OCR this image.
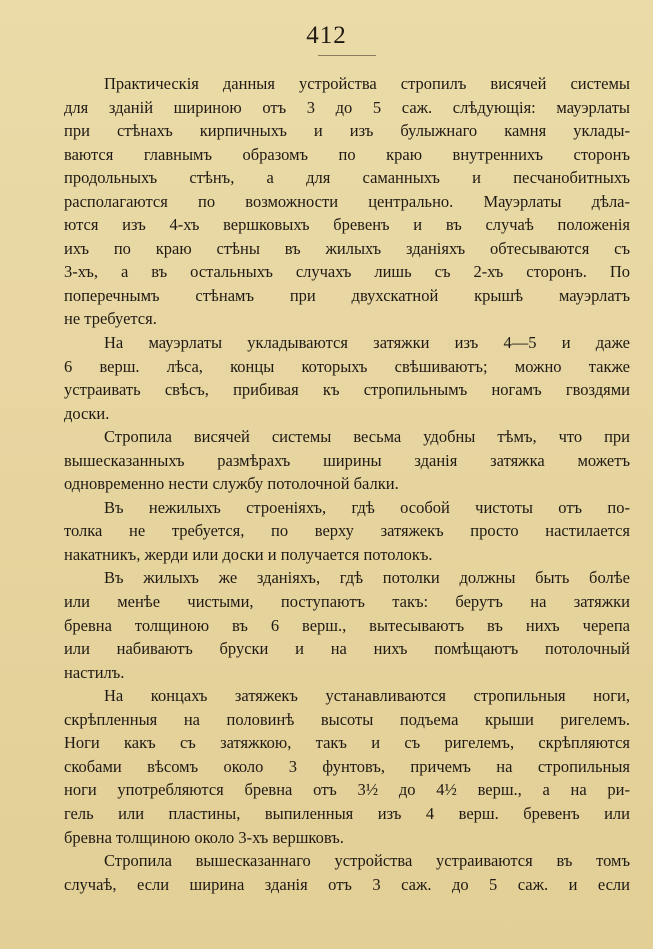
412
Практическія данныя устройства стропилъ висячей системы
для зданій шириною отъ 3 до 5 саж. слѣдующія: мауэрлаты
при стѣнахъ кирпичныхъ и изъ булыжнаго камня уклады-
ваются главнымъ образомъ по краю внутреннихъ сторонъ
продольныхъ стѣнъ, а для саманныхъ и песчанобитныхъ
располагаются по возможности центрально. Мауэрлаты дѣла-
ются изъ 4-хъ вершковыхъ бревенъ и въ случаѣ положенія
ихъ по краю стѣны въ жилыхъ зданіяхъ обтесываются съ
3-хъ, а въ остальныхъ случахъ лишь съ 2-хъ сторонъ. По
поперечнымъ стѣнамъ при двухскатной крышѣ мауэрлатъ
не требуется.
На мауэрлаты укладываются затяжки изъ 4—5 и даже
6 верш. лѣса, концы которыхъ свѣшиваютъ; можно также
устраивать свѣсъ, прибивая къ стропильнымъ ногамъ гвоздями
доски.
Стропила висячей системы весьма удобны тѣмъ, что при
вышесказанныхъ размѣрахъ ширины зданія затяжка можетъ
одновременно нести службу потолочной балки.
Въ нежилыхъ строеніяхъ, гдѣ особой чистоты отъ по-
толка не требуется, по верху затяжекъ просто настилается
накатникъ, жерди или доски и получается потолокъ.
Въ жилыхъ же зданіяхъ, гдѣ потолки должны быть болѣе
или менѣе чистыми, поступаютъ такъ: берутъ на затяжки
бревна толщиною въ 6 верш., вытесываютъ въ нихъ черепа
или набиваютъ бруски и на нихъ помѣщаютъ потолочный
настилъ.
На концахъ затяжекъ устанавливаются стропильныя ноги,
скрѣпленныя на половинѣ высоты подъема крыши ригелемъ.
Ноги какъ съ затяжкою, такъ и съ ригелемъ, скрѣпляются
скобами вѣсомъ около 3 фунтовъ, причемъ на стропильныя
ноги употребляются бревна отъ 3½ до 4½ верш., а на ри-
гель или пластины, выпиленныя изъ 4 верш. бревенъ или
бревна толщиною около 3-хъ вершковъ.
Стропила вышесказаннаго устройства устраиваются въ томъ
случаѣ, если ширина зданія отъ 3 саж. до 5 саж. и если
